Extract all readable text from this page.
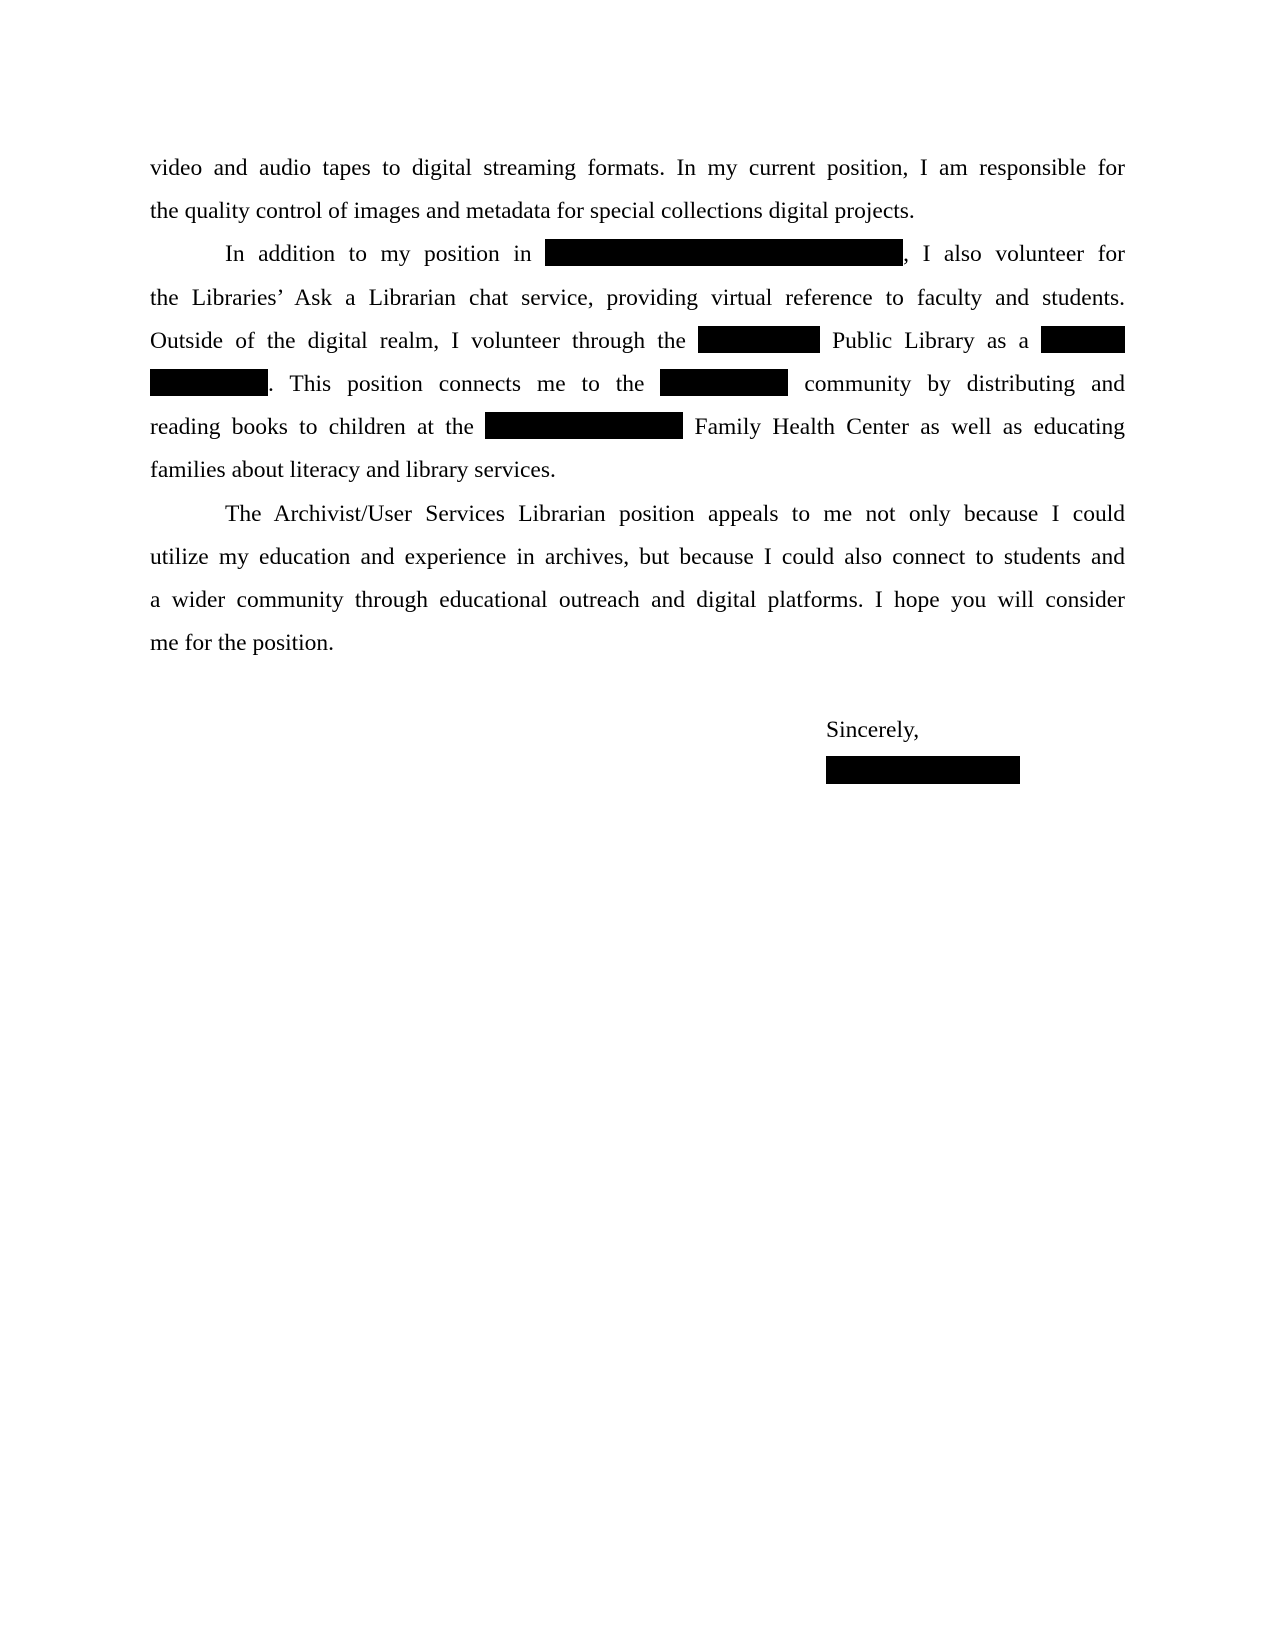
video and audio tapes to digital streaming formats. In my current position, I am responsible for
the quality control of images and metadata for special collections digital projects.
In addition to my position in	, I also volunteer for
the Libraries’ Ask a Librarian chat service, providing virtual reference to faculty and students.
Outside of the digital realm, I volunteer through the	Public Library as a
. This position connects me to the	community by distributing and
reading books to children at the	Family Health Center as well as educating
families about literacy and library services.
The Archivist/User Services Librarian position appeals to me not only because I could
utilize my education and experience in archives, but because I could also connect to students and
a wider community through educational outreach and digital platforms. I hope you will consider
me for the position.
Sincerely,
